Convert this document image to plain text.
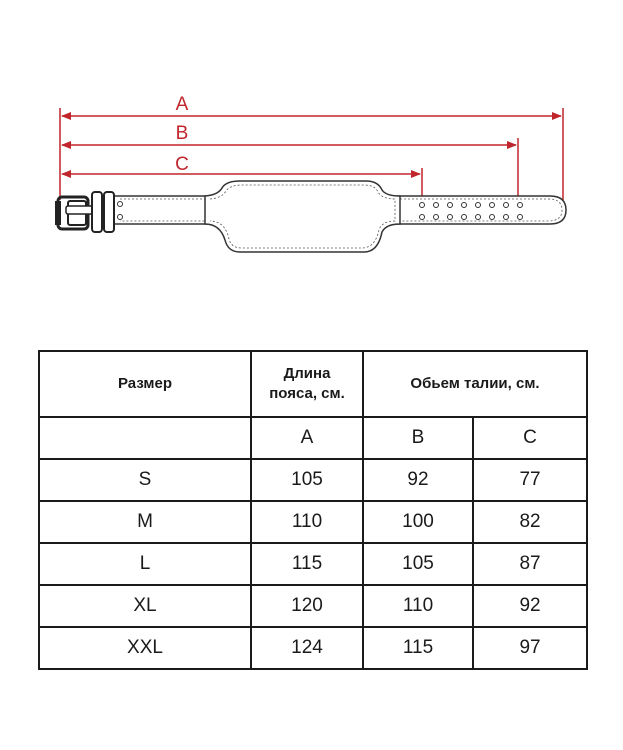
A
B
C
Размер	Длина пояса, см.	Обьем талии, см.	
	A	B	C
S	105	92	77
M	110	100	82
L	115	105	87
XL	120	110	92
XXL	124	115	97
